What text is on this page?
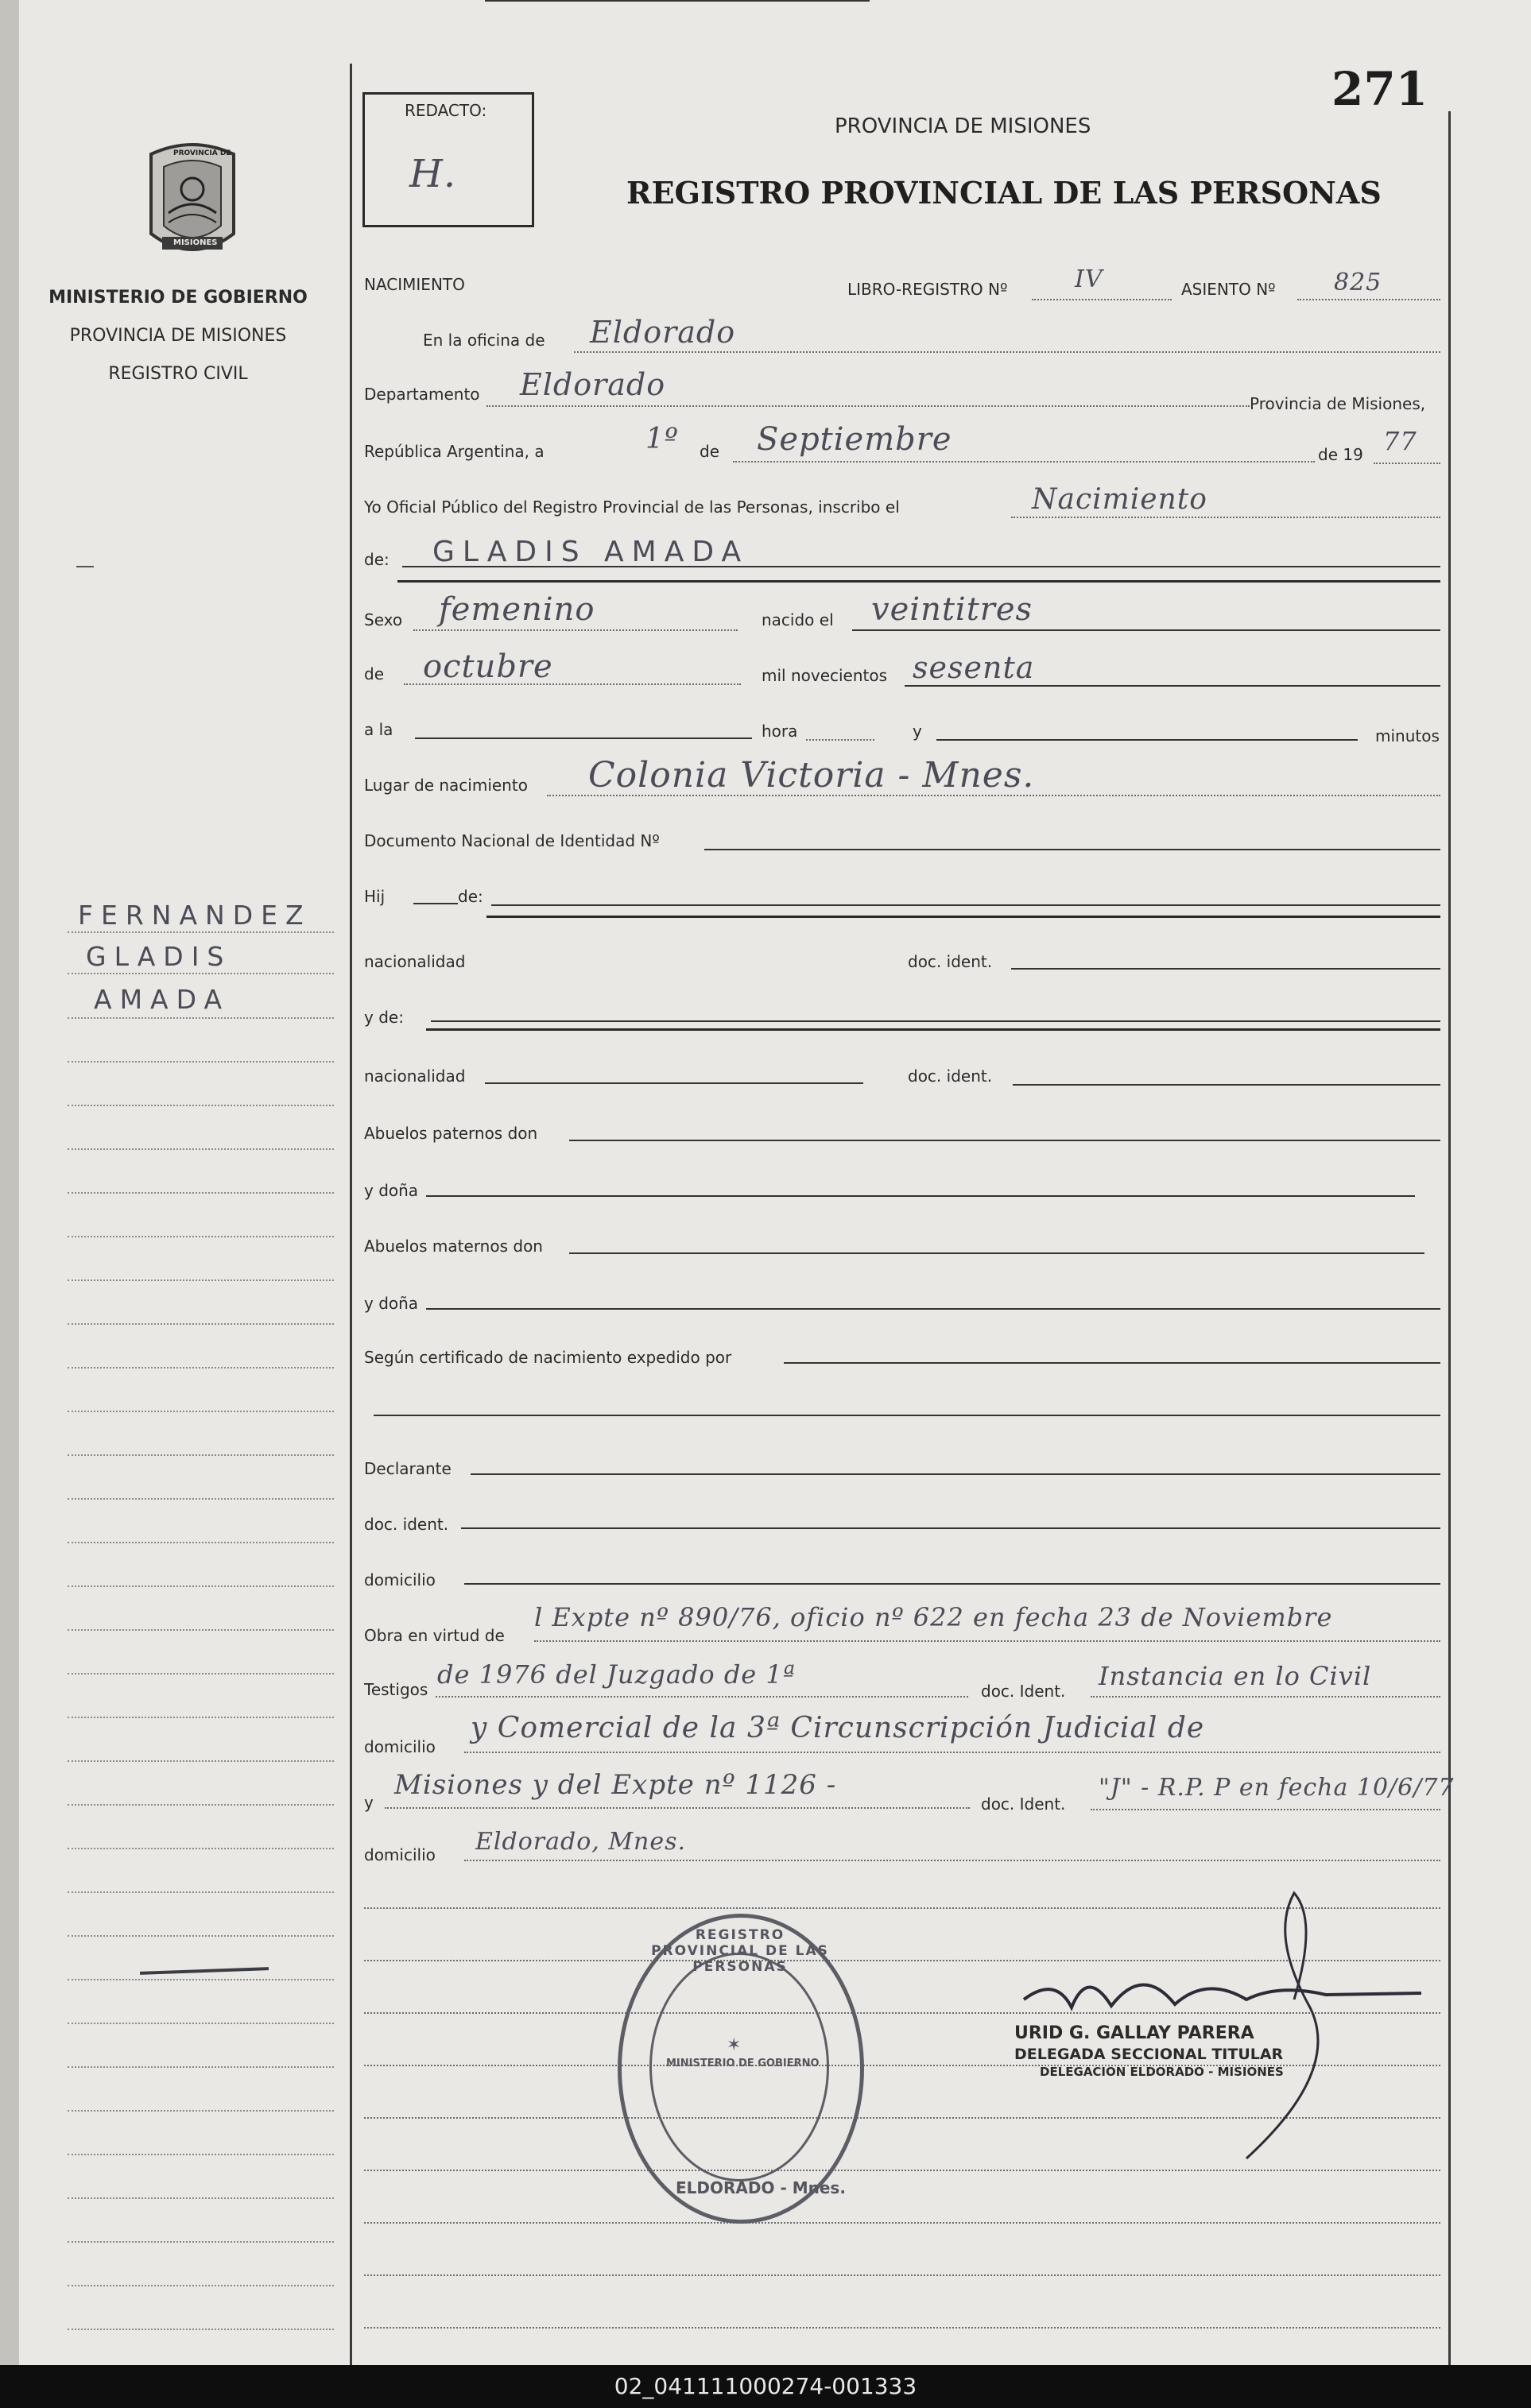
271
REDACTO:
H.
PROVINCIA DE MISIONES
REGISTRO PROVINCIAL DE LAS PERSONAS
PROVINCIA DE
MISIONES
MINISTERIO DE GOBIERNO
PROVINCIA DE MISIONES
REGISTRO CIVIL
FERNANDEZ
GLADIS
AMADA
NACIMIENTO	LIBRO-REGISTRO Nº	IV	ASIENTO Nº 825
En la oficina de Eldorado
Departamento Eldorado
Provincia de Misiones,
República Argentina, a	1º de Septiembre	de 19 77
Yo Oficial Público del Registro Provincial de las Personas, inscribo el	Nacimiento
de: GLADIS AMADA
Sexo femenino	nacido el veintitres
de octubre	mil novecientos sesenta
a la	hora	y	minutos
Lugar de nacimiento Colonia Victoria - Mnes.
Documento Nacional de Identidad Nº
Hij	de:
nacionalidad	doc. ident.
y de:
nacionalidad	doc. ident.
Abuelos paternos don
y doña
Abuelos maternos don
y doña
Según certificado de nacimiento expedido por
Declarante
doc. ident.
domicilio
Obra en virtud de
l Expte nº 890/76, oficio nº 622 en fecha 23 de Noviembre
Testigos de 1976 del Juzgado de 1ª
doc. Ident. Instancia en lo Civil
domicilio
y Comercial de la 3ª Circunscripción Judicial de
y
Misiones y del Expte nº 1126 -
doc. Ident.
"J" - R.P. P en fecha 10/6/77
domicilio Eldorado, Mnes.
REGISTRO PROVINCIAL DE LAS PERSONAS
MINISTERIO DE GOBIERNO
✶
ELDORADO - Mnes.
URID G. GALLAY PARERA
DELEGADA SECCIONAL TITULAR
DELEGACION ELDORADO - MISIONES
02_041111000274-001333
